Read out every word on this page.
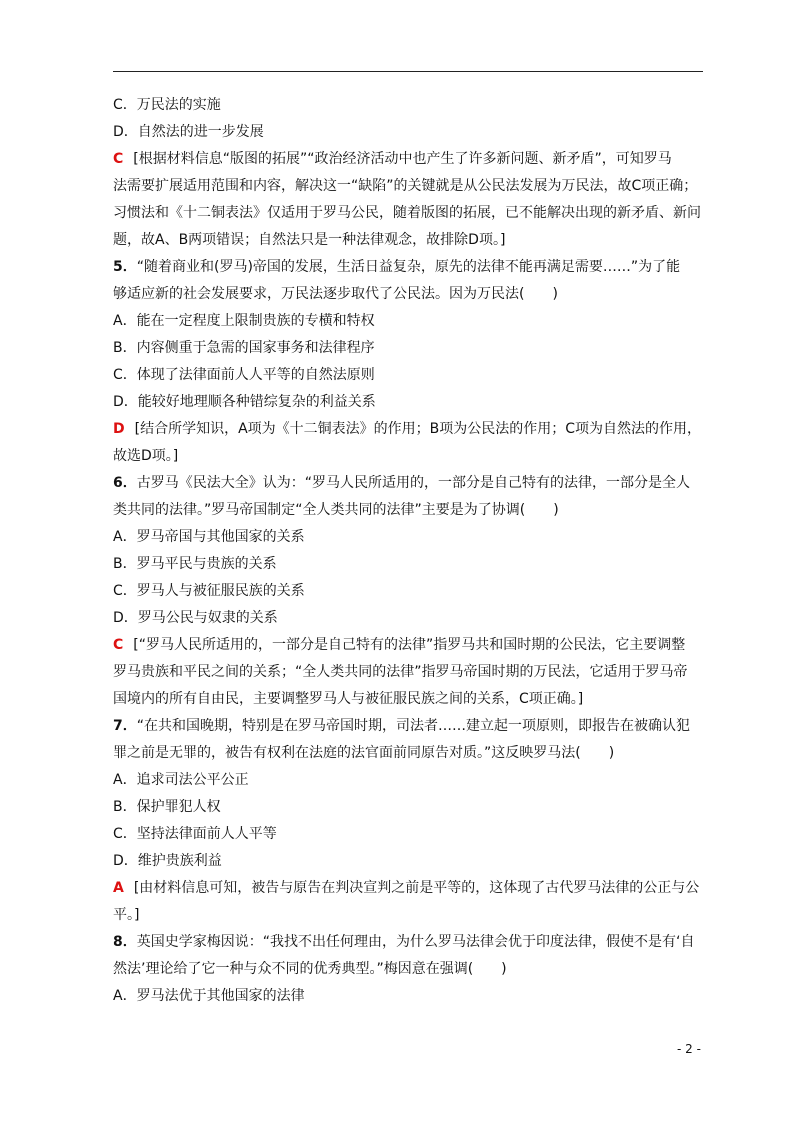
C．万民法的实施
D．自然法的进一步发展
C [根据材料信息“版图的拓展”“政治经济活动中也产生了许多新问题、新矛盾”，可知罗马
法需要扩展适用范围和内容，解决这一“缺陷”的关键就是从公民法发展为万民法，故C项正确；
习惯法和《十二铜表法》仅适用于罗马公民，随着版图的拓展，已不能解决出现的新矛盾、新问
题，故A、B两项错误；自然法只是一种法律观念，故排除D项。]
5．“随着商业和(罗马)帝国的发展，生活日益复杂，原先的法律不能再满足需要……”为了能
够适应新的社会发展要求，万民法逐步取代了公民法。因为万民法(　　)
A．能在一定程度上限制贵族的专横和特权
B．内容侧重于急需的国家事务和法律程序
C．体现了法律面前人人平等的自然法原则
D．能较好地理顺各种错综复杂的利益关系
D [结合所学知识，A项为《十二铜表法》的作用；B项为公民法的作用；C项为自然法的作用，
故选D项。]
6．古罗马《民法大全》认为：“罗马人民所适用的，一部分是自己特有的法律，一部分是全人
类共同的法律。”罗马帝国制定“全人类共同的法律”主要是为了协调(　　)
A．罗马帝国与其他国家的关系
B．罗马平民与贵族的关系
C．罗马人与被征服民族的关系
D．罗马公民与奴隶的关系
C [“罗马人民所适用的，一部分是自己特有的法律”指罗马共和国时期的公民法，它主要调整
罗马贵族和平民之间的关系；“全人类共同的法律”指罗马帝国时期的万民法，它适用于罗马帝
国境内的所有自由民，主要调整罗马人与被征服民族之间的关系，C项正确。]
7．“在共和国晚期，特别是在罗马帝国时期，司法者……建立起一项原则，即报告在被确认犯
罪之前是无罪的，被告有权利在法庭的法官面前同原告对质。”这反映罗马法(　　)
A．追求司法公平公正
B．保护罪犯人权
C．坚持法律面前人人平等
D．维护贵族利益
A [由材料信息可知，被告与原告在判决宣判之前是平等的，这体现了古代罗马法律的公正与公
平。]
8．英国史学家梅因说：“我找不出任何理由，为什么罗马法律会优于印度法律，假使不是有‘自
然法’理论给了它一种与众不同的优秀典型。”梅因意在强调(　　)
A．罗马法优于其他国家的法律
- 2 -
